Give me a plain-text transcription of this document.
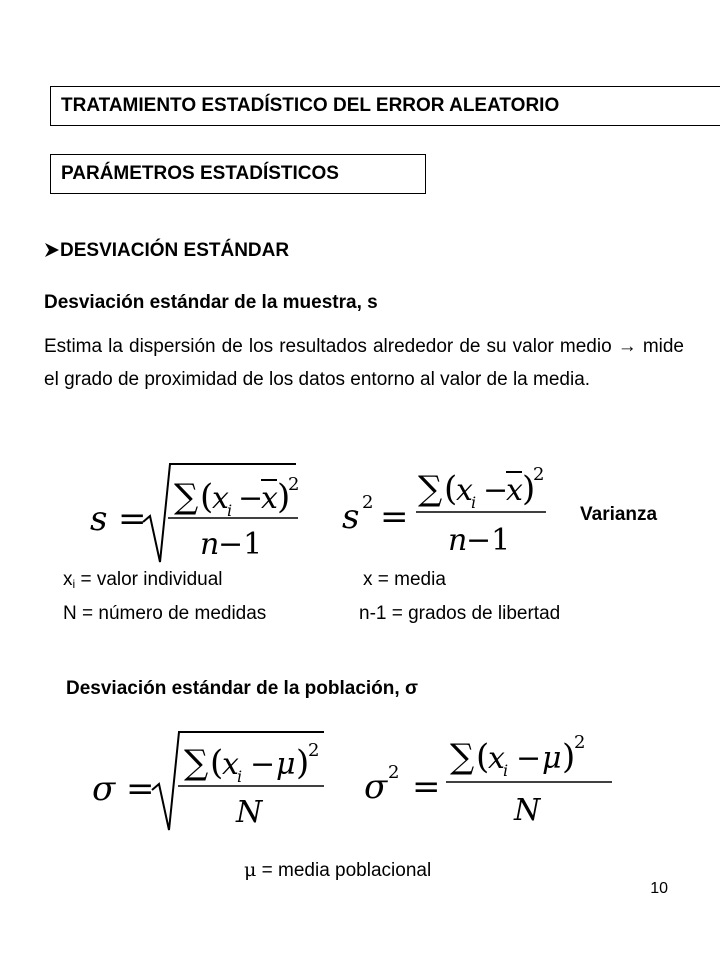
TRATAMIENTO ESTADÍSTICO DEL ERROR ALEATORIO
PARÁMETROS ESTADÍSTICOS
DESVIACIÓN ESTÁNDAR
Desviación estándar de la muestra, s
Estima la dispersión de los resultados alrededor de su valor medio → mide el grado de proximidad de los datos entorno al valor de la media.
s =
∑ (
x
i −
x )
2
n
−1
s 2 =
∑ (
x
i −
x )
2
n
−1
Varianza
$x_i$ = valor individual	x = media
N = número de medidas	n-1 = grados de libertad
Desviación estándar de la población, σ
σ =
∑ (
x
i − μ )
2
N
σ 2 =
∑ (
x
i − μ )
2
N
μ = media poblacional
10
